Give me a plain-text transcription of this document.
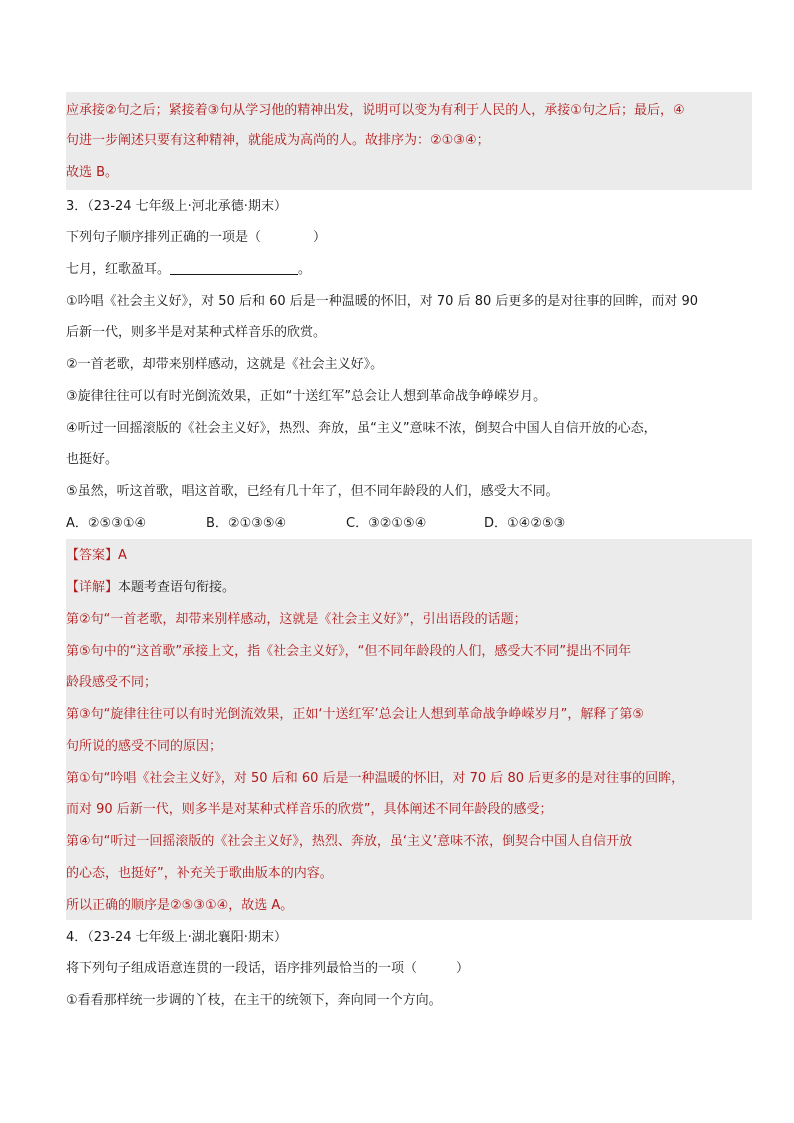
应承接②句之后；紧接着③句从学习他的精神出发，说明可以变为有利于人民的人，承接①句之后；最后，④
句进一步阐述只要有这种精神，就能成为高尚的人。故排序为：②①③④；
故选 B。
3．（23-24 七年级上·河北承德·期末）
下列句子顺序排列正确的一项是（　　　　）
七月，红歌盈耳。	。
①吟唱《社会主义好》，对 50 后和 60 后是一种温暖的怀旧，对 70 后 80 后更多的是对往事的回眸，而对 90
后新一代，则多半是对某种式样音乐的欣赏。
②一首老歌，却带来别样感动，这就是《社会主义好》。
③旋律往往可以有时光倒流效果，正如“十送红军”总会让人想到革命战争峥嵘岁月。
④听过一回摇滚版的《社会主义好》，热烈、奔放，虽“主义”意味不浓，倒契合中国人自信开放的心态，
也挺好。
⑤虽然，听这首歌，唱这首歌，已经有几十年了，但不同年龄段的人们，感受大不同。
A．②⑤③①④	B．②①③⑤④	C．③②①⑤④	D．①④②⑤③
【答案】A
【详解】本题考查语句衔接。
第②句“一首老歌，却带来别样感动，这就是《社会主义好》”，引出语段的话题；
第⑤句中的“这首歌”承接上文，指《社会主义好》，“但不同年龄段的人们，感受大不同”提出不同年
龄段感受不同；
第③句“旋律往往可以有时光倒流效果，正如‘十送红军’总会让人想到革命战争峥嵘岁月”，解释了第⑤
句所说的感受不同的原因；
第①句“吟唱《社会主义好》，对 50 后和 60 后是一种温暖的怀旧，对 70 后 80 后更多的是对往事的回眸，
而对 90 后新一代，则多半是对某种式样音乐的欣赏”，具体阐述不同年龄段的感受；
第④句“听过一回摇滚版的《社会主义好》，热烈、奔放，虽‘主义’意味不浓，倒契合中国人自信开放
的心态，也挺好”，补充关于歌曲版本的内容。
所以正确的顺序是②⑤③①④，故选 A。
4．（23-24 七年级上·湖北襄阳·期末）
将下列句子组成语意连贯的一段话，语序排列最恰当的一项（　　　）
①看看那样统一步调的丫枝，在主干的统领下，奔向同一个方向。
